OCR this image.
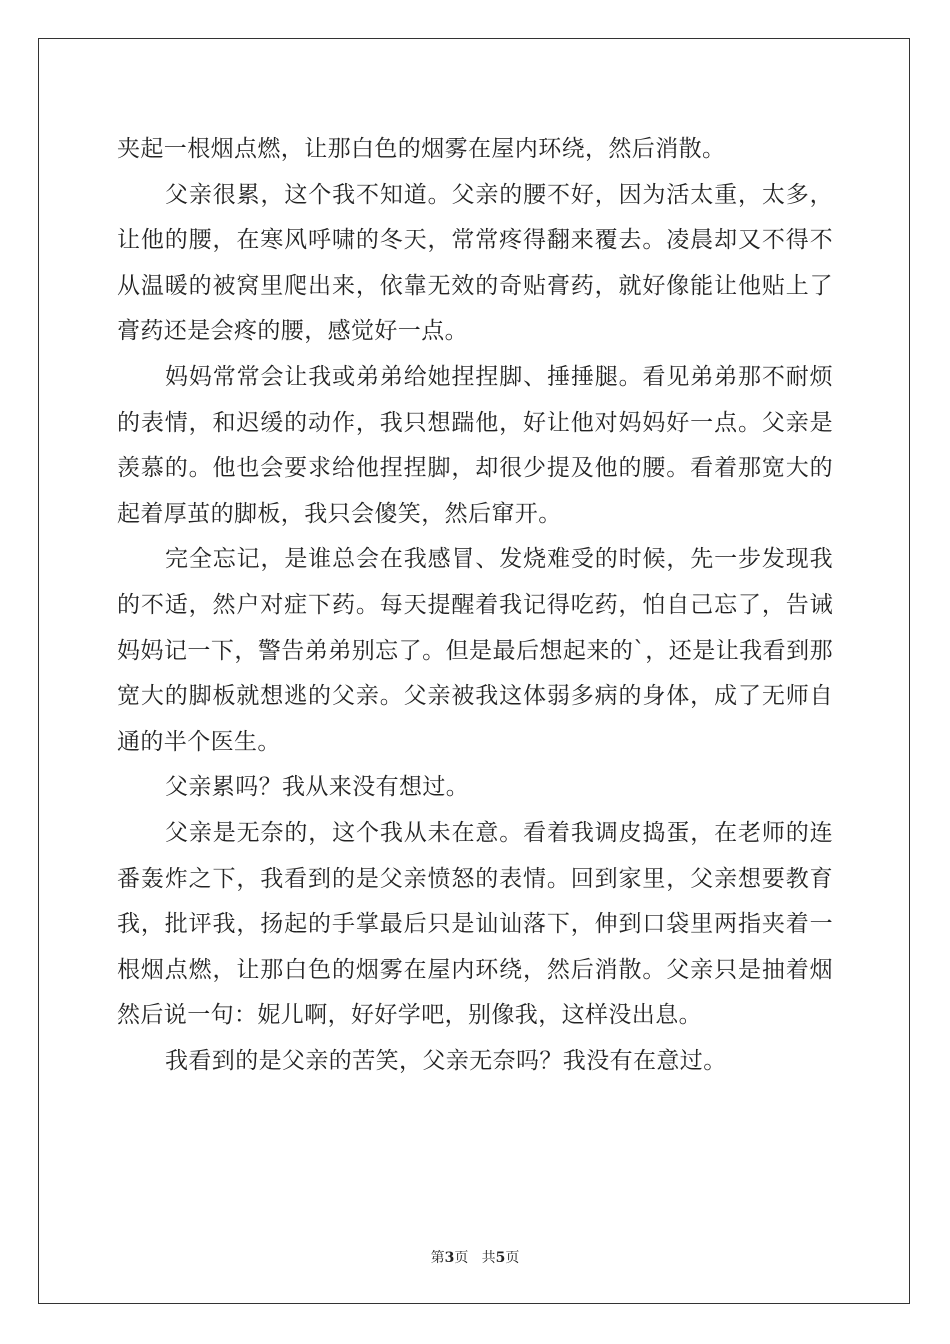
夹起一根烟点燃，让那白色的烟雾在屋内环绕，然后消散。

父亲很累，这个我不知道。父亲的腰不好，因为活太重，太多，让他的腰，在寒风呼啸的冬天，常常疼得翻来覆去。凌晨却又不得不从温暖的被窝里爬出来，依靠无效的奇贴膏药，就好像能让他贴上了膏药还是会疼的腰，感觉好一点。

妈妈常常会让我或弟弟给她捏捏脚、捶捶腿。看见弟弟那不耐烦的表情，和迟缓的动作，我只想踹他，好让他对妈妈好一点。父亲是羡慕的。他也会要求给他捏捏脚，却很少提及他的腰。看着那宽大的起着厚茧的脚板，我只会傻笑，然后窜开。

完全忘记，是谁总会在我感冒、发烧难受的时候，先一步发现我的不适，然户对症下药。每天提醒着我记得吃药，怕自己忘了，告诫妈妈记一下，警告弟弟别忘了。但是最后想起来的`，还是让我看到那宽大的脚板就想逃的父亲。父亲被我这体弱多病的身体，成了无师自通的半个医生。

父亲累吗？我从来没有想过。

父亲是无奈的，这个我从未在意。看着我调皮捣蛋，在老师的连番轰炸之下，我看到的是父亲愤怒的表情。回到家里，父亲想要教育我，批评我，扬起的手掌最后只是讪讪落下，伸到口袋里两指夹着一根烟点燃，让那白色的烟雾在屋内环绕，然后消散。父亲只是抽着烟然后说一句：妮儿啊，好好学吧，别像我，这样没出息。

我看到的是父亲的苦笑，父亲无奈吗？我没有在意过。

第3页 共5页
